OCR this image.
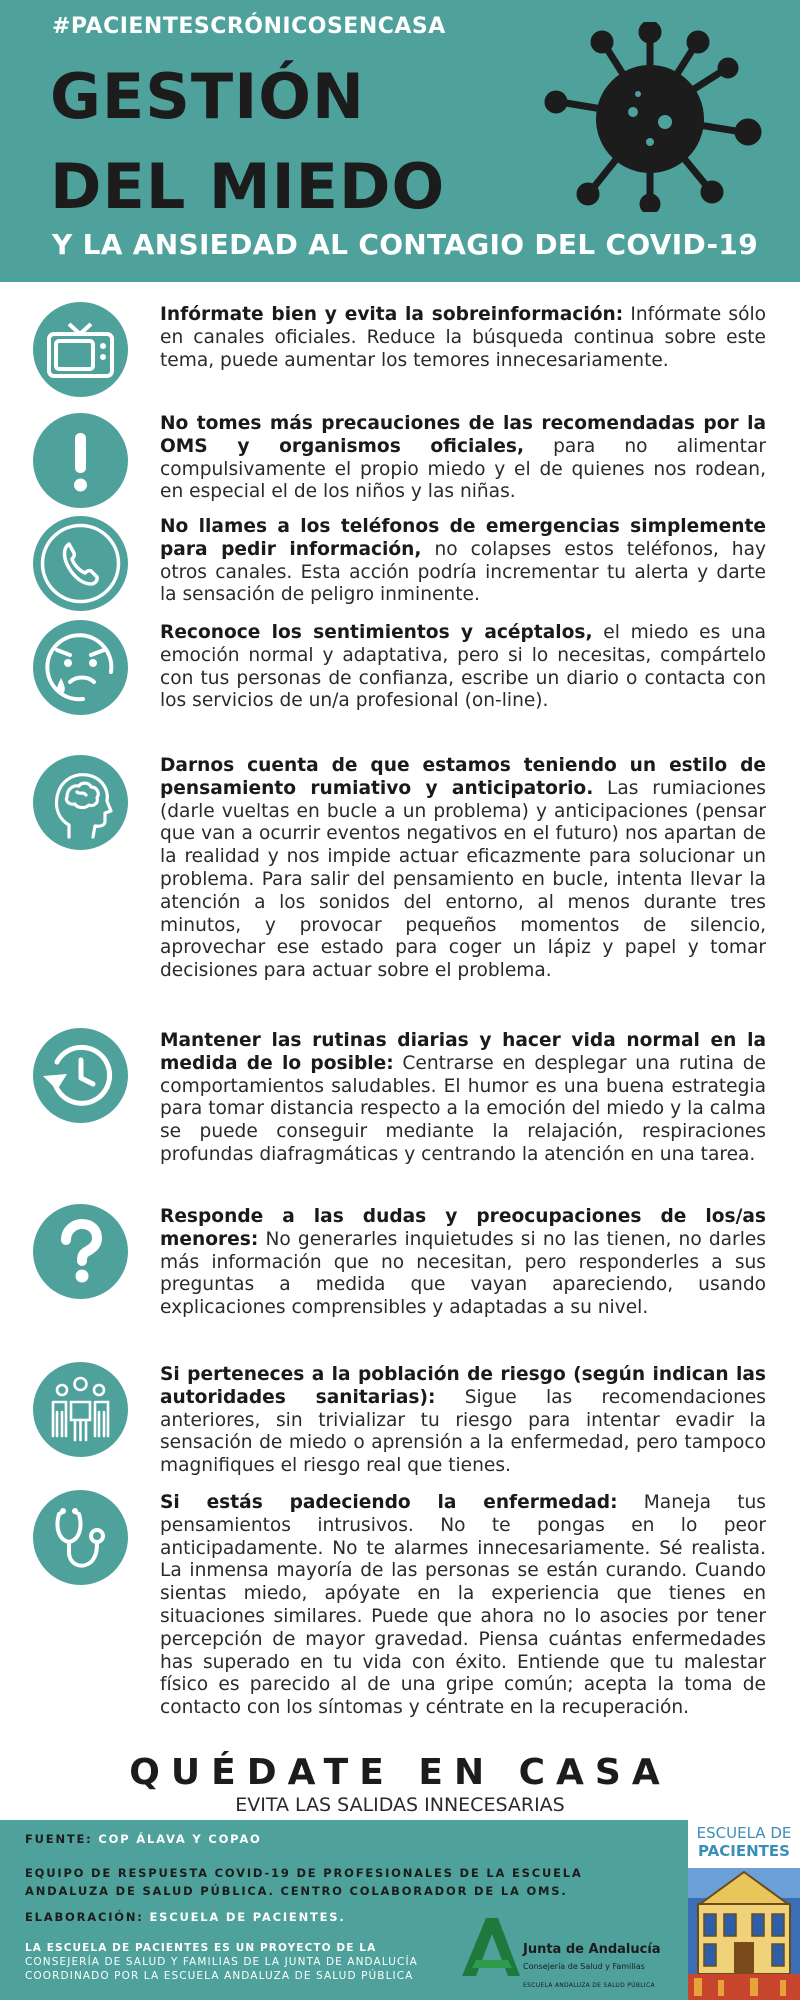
#PACIENTESCRÓNICOSENCASA
GESTIÓN
DEL MIEDO
Y LA ANSIEDAD AL CONTAGIO DEL COVID-19
Infórmate bien y evita la sobreinformación: Infórmate sólo en canales oficiales. Reduce la búsqueda continua sobre este tema, puede aumentar los temores innecesariamente.
No tomes más precauciones de las recomendadas por la OMS y organismos oficiales, para no alimentar compulsivamente el propio miedo y el de quienes nos rodean, en especial el de los niños y las niñas.
No llames a los teléfonos de emergencias simplemente para pedir información, no colapses estos teléfonos, hay otros canales. Esta acción podría incrementar tu alerta y darte la sensación de peligro inminente.
Reconoce los sentimientos y acéptalos, el miedo es una emoción normal y adaptativa, pero si lo necesitas, compártelo con tus personas de confianza, escribe un diario o contacta con los servicios de un/a profesional (on-line).
Darnos cuenta de que estamos teniendo un estilo de pensamiento rumiativo y anticipatorio. Las rumiaciones (darle vueltas en bucle a un problema) y anticipaciones (pensar que van a ocurrir eventos negativos en el futuro) nos apartan de la realidad y nos impide actuar eficazmente para solucionar un problema. Para salir del pensamiento en bucle, intenta llevar la atención a los sonidos del entorno, al menos durante tres minutos, y provocar pequeños momentos de silencio, aprovechar ese estado para coger un lápiz y papel y tomar decisiones para actuar sobre el problema.
Mantener las rutinas diarias y hacer vida normal en la medida de lo posible: Centrarse en desplegar una rutina de comportamientos saludables. El humor es una buena estrategia para tomar distancia respecto a la emoción del miedo y la calma se puede conseguir mediante la relajación, respiraciones profundas diafragmáticas y centrando la atención en una tarea.
Responde a las dudas y preocupaciones de los/as menores: No generarles inquietudes si no las tienen, no darles más información que no necesitan, pero responderles a sus preguntas a medida que vayan apareciendo, usando explicaciones comprensibles y adaptadas a su nivel.
Si perteneces a la población de riesgo (según indican las autoridades sanitarias): Sigue las recomendaciones anteriores, sin trivializar tu riesgo para intentar evadir la sensación de miedo o aprensión a la enfermedad, pero tampoco magnifiques el riesgo real que tienes.
Si estás padeciendo la enfermedad: Maneja tus pensamientos intrusivos. No te pongas en lo peor anticipadamente. No te alarmes innecesariamente. Sé realista. La inmensa mayoría de las personas se están curando. Cuando sientas miedo, apóyate en la experiencia que tienes en situaciones similares. Puede que ahora no lo asocies por tener percepción de mayor gravedad. Piensa cuántas enfermedades has superado en tu vida con éxito. Entiende que tu malestar físico es parecido al de una gripe común; acepta la toma de contacto con los síntomas y céntrate en la recuperación.
QUÉDATE EN CASA
EVITA LAS SALIDAS INNECESARIAS
FUENTE: COP ÁLAVA Y COPAO
EQUIPO DE RESPUESTA COVID-19 DE PROFESIONALES DE LA ESCUELA
ANDALUZA DE SALUD PÚBLICA. CENTRO COLABORADOR DE LA OMS.
ELABORACIÓN: ESCUELA DE PACIENTES.
LA ESCUELA DE PACIENTES ES UN PROYECTO DE LA
CONSEJERÍA DE SALUD Y FAMILIAS DE LA JUNTA DE ANDALUCÍA
COORDINADO POR LA ESCUELA ANDALUZA DE SALUD PÚBLICA
Junta de Andalucía
Consejería de Salud y Familias
ESCUELA ANDALUZA DE SALUD PÚBLICA
ESCUELA DE
PACIENTES
